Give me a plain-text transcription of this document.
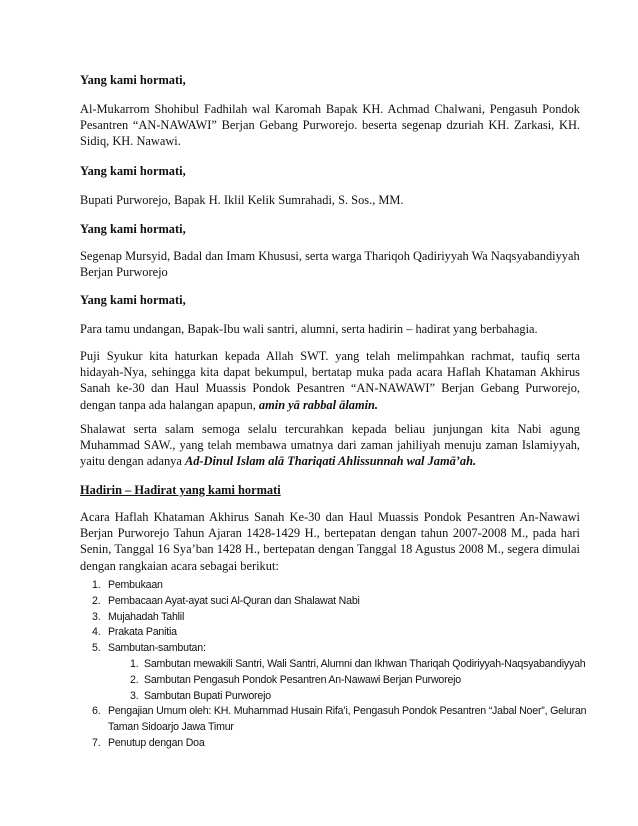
Yang kami hormati,
Al-Mukarrom Shohibul Fadhilah wal Karomah Bapak KH. Achmad Chalwani, Pengasuh Pondok Pesantren “AN-NAWAWI” Berjan Gebang Purworejo. beserta segenap dzuriah KH. Zarkasi, KH. Sidiq, KH. Nawawi.
Yang kami hormati,
Bupati Purworejo, Bapak H. Iklil Kelik Sumrahadi, S. Sos., MM.
Yang kami hormati,
Segenap Mursyid, Badal dan Imam Khususi, serta warga Thariqoh Qadiriyyah Wa Naqsyabandiyyah Berjan Purworejo
Yang kami hormati,
Para tamu undangan, Bapak-Ibu wali santri, alumni, serta hadirin – hadirat yang berbahagia.
Puji Syukur kita haturkan kepada Allah SWT. yang telah melimpahkan rachmat, taufiq serta hidayah-Nya, sehingga kita dapat bekumpul, bertatap muka pada acara Haflah Khataman Akhirus Sanah ke-30 dan Haul Muassis Pondok Pesantren “AN-NAWAWI” Berjan Gebang Purworejo, dengan tanpa ada halangan apapun, amin yā rabbal ālamin.
Shalawat serta salam semoga selalu tercurahkan kepada beliau junjungan kita Nabi agung Muhammad SAW., yang telah membawa umatnya dari zaman jahiliyah menuju zaman Islamiyyah, yaitu dengan adanya Ad-Dinul Islam alā Thariqati Ahlissunnah wal Jamā’ah.
Hadirin – Hadirat yang kami hormati
Acara Haflah Khataman Akhirus Sanah Ke-30 dan Haul Muassis Pondok Pesantren An-Nawawi Berjan Purworejo Tahun Ajaran 1428-1429 H., bertepatan dengan tahun 2007-2008 M., pada hari Senin, Tanggal 16 Sya’ban 1428 H., bertepatan dengan Tanggal 18 Agustus 2008 M., segera dimulai dengan rangkaian acara sebagai berikut:
1. Pembukaan
2. Pembacaan Ayat-ayat suci Al-Quran dan Shalawat Nabi
3. Mujahadah Tahlil
4. Prakata Panitia
5. Sambutan-sambutan:
1. Sambutan mewakili Santri, Wali Santri, Alumni dan Ikhwan Thariqah Qodiriyyah-Naqsyabandiyyah
2. Sambutan Pengasuh Pondok Pesantren An-Nawawi Berjan Purworejo
3. Sambutan Bupati Purworejo
6. Pengajian Umum oleh: KH. Muhammad Husain Rifa’i, Pengasuh Pondok Pesantren “Jabal Noer”, Geluran Taman Sidoarjo Jawa Timur
7. Penutup dengan Doa
